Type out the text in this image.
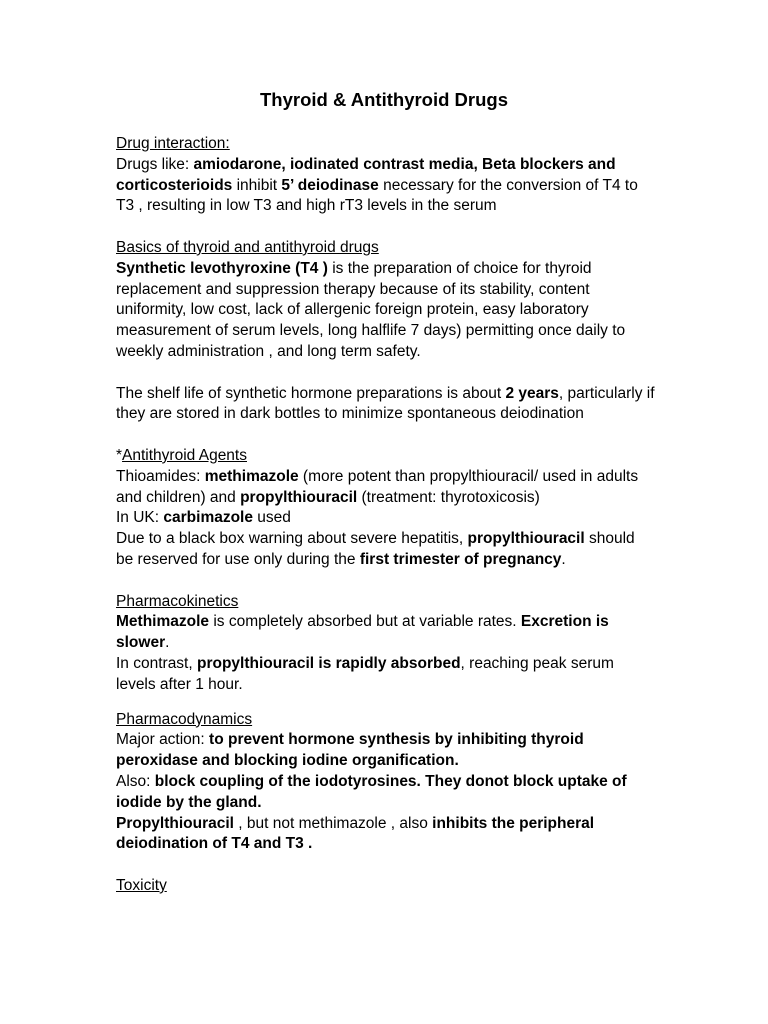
Thyroid & Antithyroid Drugs
Drug interaction:

Drugs like: amiodarone, iodinated contrast media, Beta blockers and corticosterioids inhibit 5’ deiodinase necessary for the conversion of T4 to T3 , resulting in low T3 and high rT3 levels in the serum

Basics of thyroid and antithyroid drugs

Synthetic levothyroxine (T4 ) is the preparation of choice for thyroid replacement and suppression therapy because of its stability, content uniformity, low cost, lack of allergenic foreign protein, easy laboratory measurement of serum levels, long halflife 7 days) permitting once daily to weekly administration , and long term safety.

The shelf life of synthetic hormone preparations is about 2 years, particularly if they are stored in dark bottles to minimize spontaneous deiodination

*Antithyroid Agents

Thioamides: methimazole (more potent than propylthiouracil/ used in adults and children) and propylthiouracil (treatment: thyrotoxicosis)

In UK: carbimazole used

Due to a black box warning about severe hepatitis, propylthiouracil should be reserved for use only during the first trimester of pregnancy.

Pharmacokinetics

Methimazole is completely absorbed but at variable rates. Excretion is slower.

In contrast, propylthiouracil is rapidly absorbed, reaching peak serum levels after 1 hour.

Pharmacodynamics

Major action: to prevent hormone synthesis by inhibiting thyroid peroxidase and blocking iodine organification.

Also: block coupling of the iodotyrosines. They donot block uptake of iodide by the gland.

Propylthiouracil , but not methimazole , also inhibits the peripheral deiodination of T4 and T3 .

Toxicity
